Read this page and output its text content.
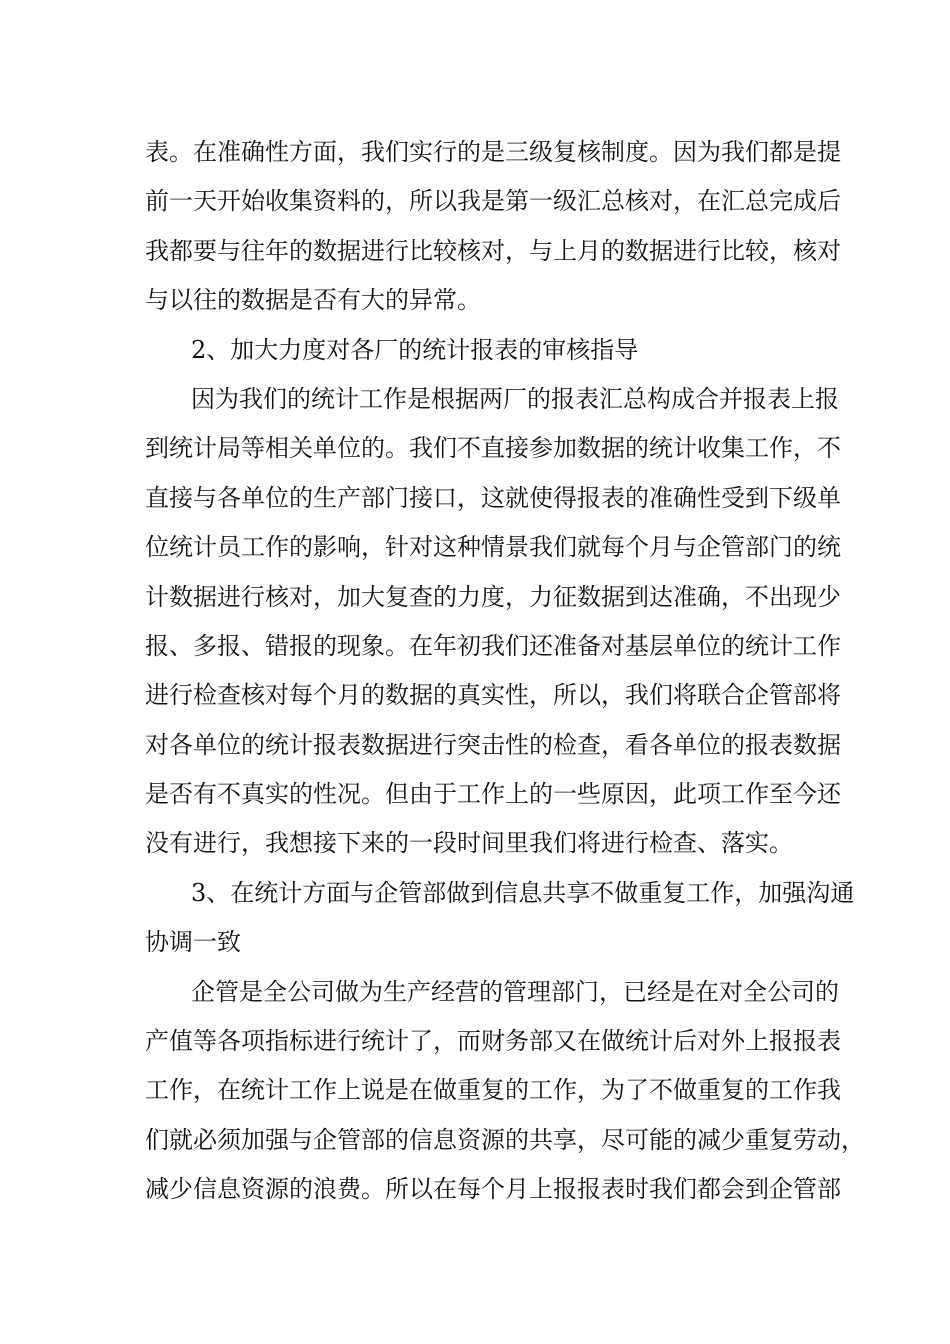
表。在准确性方面，我们实行的是三级复核制度。因为我们都是提
前一天开始收集资料的，所以我是第一级汇总核对，在汇总完成后
我都要与往年的数据进行比较核对，与上月的数据进行比较，核对
与以往的数据是否有大的异常。
2、加大力度对各厂的统计报表的审核指导
因为我们的统计工作是根据两厂的报表汇总构成合并报表上报
到统计局等相关单位的。我们不直接参加数据的统计收集工作，不
直接与各单位的生产部门接口，这就使得报表的准确性受到下级单
位统计员工作的影响，针对这种情景我们就每个月与企管部门的统
计数据进行核对，加大复查的力度，力征数据到达准确，不出现少
报、多报、错报的现象。在年初我们还准备对基层单位的统计工作
进行检查核对每个月的数据的真实性，所以，我们将联合企管部将
对各单位的统计报表数据进行突击性的检查，看各单位的报表数据
是否有不真实的性况。但由于工作上的一些原因，此项工作至今还
没有进行，我想接下来的一段时间里我们将进行检查、落实。
3、在统计方面与企管部做到信息共享不做重复工作，加强沟通
协调一致
企管是全公司做为生产经营的管理部门，已经是在对全公司的
产值等各项指标进行统计了，而财务部又在做统计后对外上报报表
工作，在统计工作上说是在做重复的工作，为了不做重复的工作我
们就必须加强与企管部的信息资源的共享，尽可能的减少重复劳动，
减少信息资源的浪费。所以在每个月上报报表时我们都会到企管部
